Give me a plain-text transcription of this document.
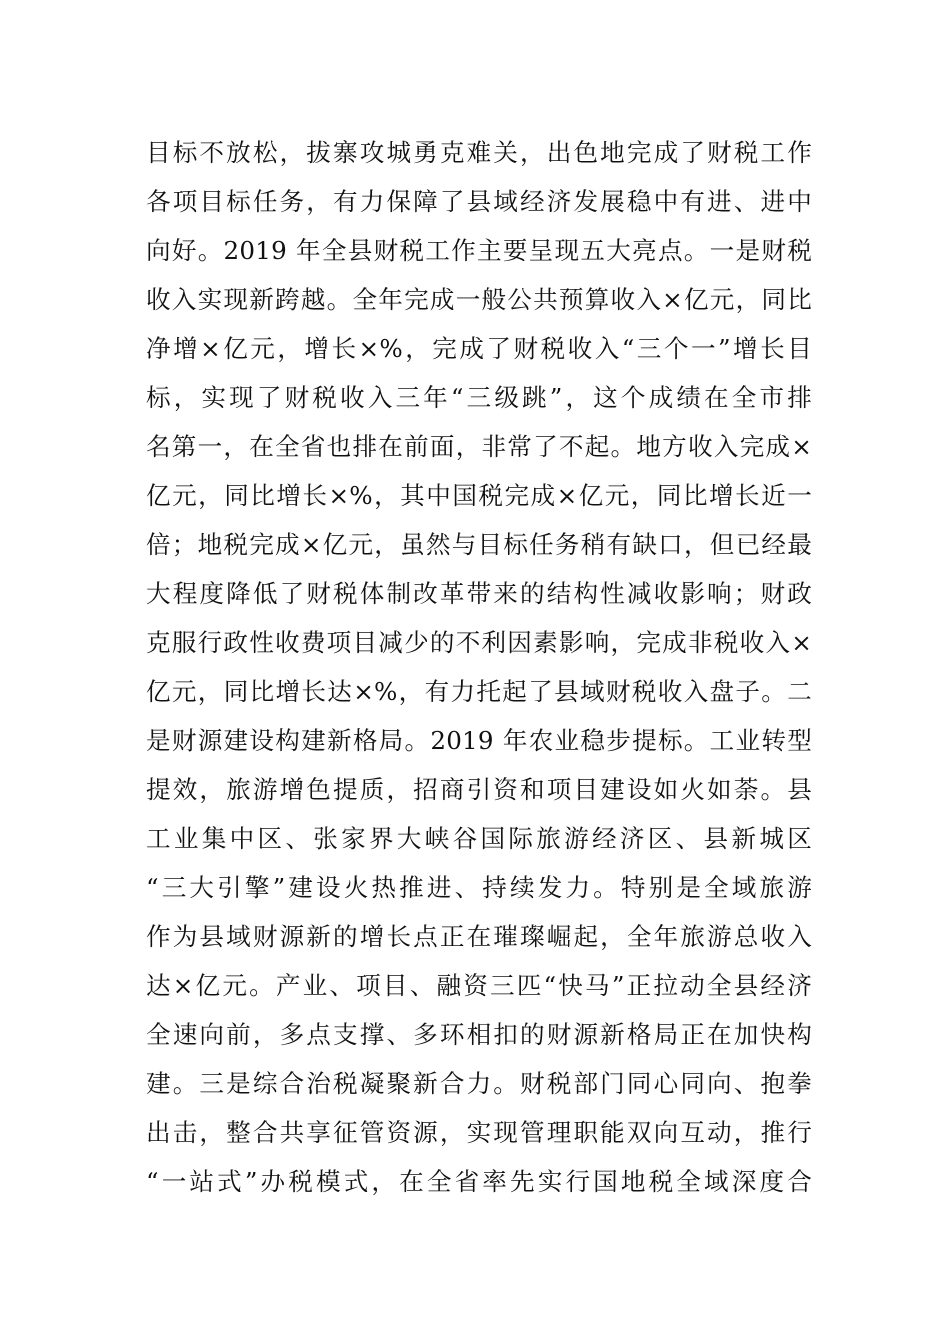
目标不放松，拔寨攻城勇克难关，出色地完成了财税工作
各项目标任务，有力保障了县域经济发展稳中有进、进中
向好。2019 年全县财税工作主要呈现五大亮点。一是财税
收入实现新跨越。全年完成一般公共预算收入×亿元，同比
净增×亿元，增长×%，完成了财税收入“三个一”增长目
标，实现了财税收入三年“三级跳”，这个成绩在全市排
名第一，在全省也排在前面，非常了不起。地方收入完成×
亿元，同比增长×%，其中国税完成×亿元，同比增长近一
倍；地税完成×亿元，虽然与目标任务稍有缺口，但已经最
大程度降低了财税体制改革带来的结构性减收影响；财政
克服行政性收费项目减少的不利因素影响，完成非税收入×
亿元，同比增长达×%，有力托起了县域财税收入盘子。二
是财源建设构建新格局。2019 年农业稳步提标。工业转型
提效，旅游增色提质，招商引资和项目建设如火如荼。县
工业集中区、张家界大峡谷国际旅游经济区、县新城区
“三大引擎”建设火热推进、持续发力。特别是全域旅游
作为县域财源新的增长点正在璀璨崛起，全年旅游总收入
达×亿元。产业、项目、融资三匹“快马”正拉动全县经济
全速向前，多点支撑、多环相扣的财源新格局正在加快构
建。三是综合治税凝聚新合力。财税部门同心同向、抱拳
出击，整合共享征管资源，实现管理职能双向互动，推行
“一站式”办税模式，在全省率先实行国地税全域深度合
